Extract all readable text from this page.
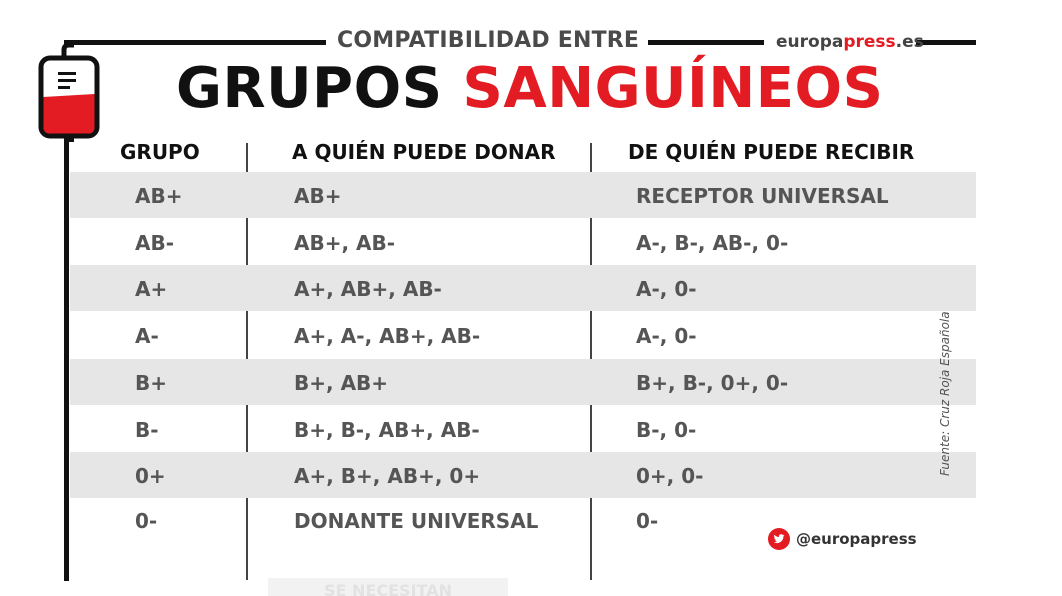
COMPATIBILIDAD ENTRE	europapress.es
GRUPOS SANGUÍNEOS
GRUPO	A QUIÉN PUEDE DONAR	DE QUIÉN PUEDE RECIBIR
AB+	AB+	RECEPTOR UNIVERSAL
AB-	AB+, AB-	A-, B-, AB-, 0-
A+	A+, AB+, AB-	A-, 0-
A-	A+, A-, AB+, AB-	A-, 0-
B+	B+, AB+	B+, B-, 0+, 0-
B-	B+, B-, AB+, AB-	B-, 0-
0+	A+, B+, AB+, 0+	0+, 0-
0-	DONANTE UNIVERSAL	0-
Fuente: Cruz Roja Española
@europapress
SE NECESITAN
